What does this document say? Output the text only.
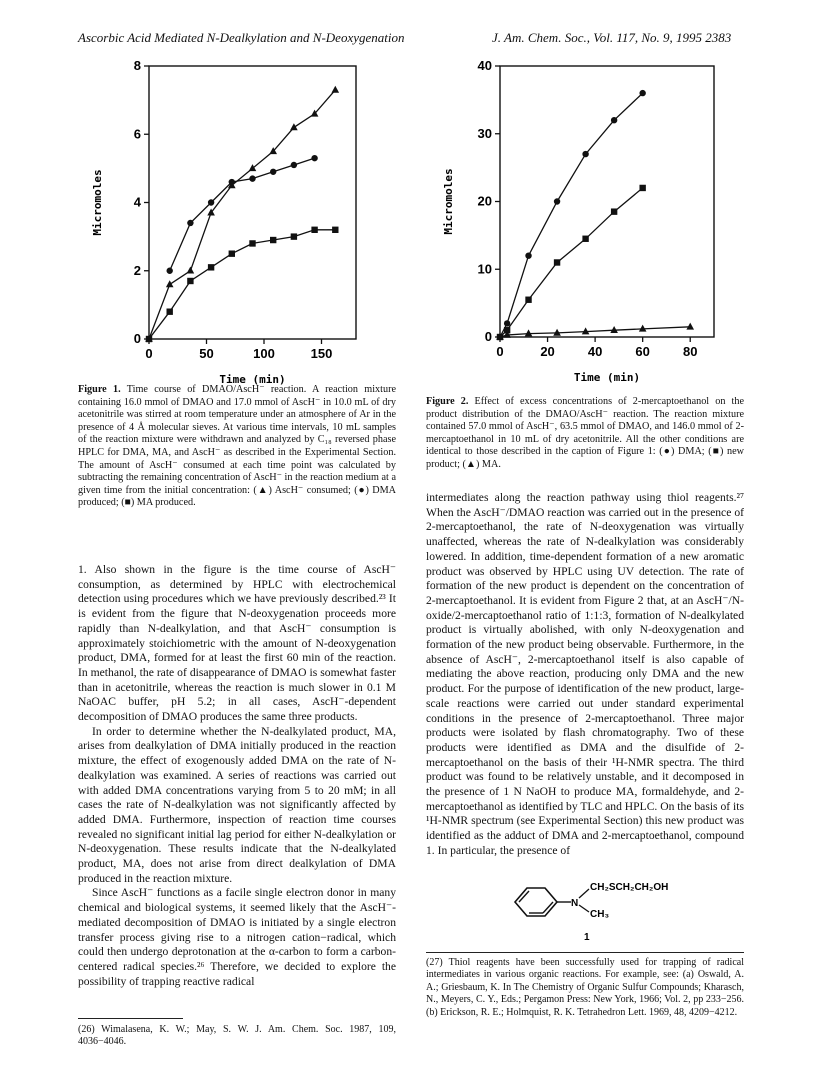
Ascorbic Acid Mediated N-Dealkylation and N-Deoxygenation	J. Am. Chem. Soc., Vol. 117, No. 9, 1995 2383
0	50	100	150
0
2
4
6
8
Time (min)
Micromoles
Figure 1. Time course of DMAO/AscH⁻ reaction. A reaction mixture containing 16.0 mmol of DMAO and 17.0 mmol of AscH⁻ in 10.0 mL of dry acetonitrile was stirred at room temperature under an atmosphere of Ar in the presence of 4 Å molecular sieves. At various time intervals, 10 mL samples of the reaction mixture were withdrawn and analyzed by C₁₈ reversed phase HPLC for DMA, MA, and AscH⁻ as described in the Experimental Section. The amount of AscH⁻ consumed at each time point was calculated by subtracting the remaining concentration of AscH⁻ in the reaction medium at a given time from the initial concentration: (▲) AscH⁻ consumed; (●) DMA produced; (■) MA produced.
0	20	40	60	80
0
10
20
30
40
Time (min)
Micromoles
Figure 2. Effect of excess concentrations of 2-mercaptoethanol on the product distribution of the DMAO/AscH⁻ reaction. The reaction mixture contained 57.0 mmol of AscH⁻, 63.5 mmol of DMAO, and 146.0 mmol of 2-mercaptoethanol in 10 mL of dry acetonitrile. All the other conditions are identical to those described in the caption of Figure 1: (●) DMA; (■) new product; (▲) MA.

1. Also shown in the figure is the time course of AscH⁻ consumption, as determined by HPLC with electrochemical detection using procedures which we have previously described.²³ It is evident from the figure that N-deoxygenation proceeds more rapidly than N-dealkylation, and that AscH⁻ consumption is approximately stoichiometric with the amount of N-deoxygenation product, DMA, formed for at least the first 60 min of the reaction. In methanol, the rate of disappearance of DMAO is somewhat faster than in acetonitrile, whereas the reaction is much slower in 0.1 M NaOAC buffer, pH 5.2; in all cases, AscH⁻-dependent decomposition of DMAO produces the same three products.

In order to determine whether the N-dealkylated product, MA, arises from dealkylation of DMA initially produced in the reaction mixture, the effect of exogenously added DMA on the rate of N-dealkylation was examined. A series of reactions was carried out with added DMA concentrations varying from 5 to 20 mM; in all cases the rate of N-dealkylation was not significantly affected by added DMA. Furthermore, inspection of reaction time courses revealed no significant initial lag period for either N-dealkylation or N-deoxygenation. These results indicate that the N-dealkylated product, MA, does not arise from direct dealkylation of DMA produced in the reaction mixture.

Since AscH⁻ functions as a facile single electron donor in many chemical and biological systems, it seemed likely that the AscH⁻-mediated decomposition of DMAO is initiated by a single electron transfer process giving rise to a nitrogen cation−radical, which could then undergo deprotonation at the α-carbon to form a carbon-centered radical species.²⁶ Therefore, we decided to explore the possibility of trapping reactive radical

(26) Wimalasena, K. W.; May, S. W. J. Am. Chem. Soc. 1987, 109, 4036−4046.

intermediates along the reaction pathway using thiol reagents.²⁷ When the AscH⁻/DMAO reaction was carried out in the presence of 2-mercaptoethanol, the rate of N-deoxygenation was virtually unaffected, whereas the rate of N-dealkylation was considerably lowered. In addition, time-dependent formation of a new aromatic product was observed by HPLC using UV detection. The rate of formation of the new product is dependent on the concentration of 2-mercaptoethanol. It is evident from Figure 2 that, at an AscH⁻/N-oxide/2-mercaptoethanol ratio of 1:1:3, formation of N-dealkylated product is virtually abolished, with only N-deoxygenation and formation of the new product being observable. Furthermore, in the absence of AscH⁻, 2-mercaptoethanol itself is also capable of mediating the above reaction, producing only DMA and the new product. For the purpose of identification of the new product, large-scale reactions were carried out under standard experimental conditions in the presence of 2-mercaptoethanol. Three major products were isolated by flash chromatography. Two of these products were identified as DMA and the disulfide of 2-mercaptoethanol on the basis of their ¹H-NMR spectra. The third product was found to be relatively unstable, and it decomposed in the presence of 1 N NaOH to produce MA, formaldehyde, and 2-mercaptoethanol as identified by TLC and HPLC. On the basis of its ¹H-NMR spectrum (see Experimental Section) this new product was identified as the adduct of DMA and 2-mercaptoethanol, compound 1. In particular, the presence of

N
CH₂SCH₂CH₂OH
CH₃
1
(27) Thiol reagents have been successfully used for trapping of radical intermediates in various organic reactions. For example, see: (a) Oswald, A. A.; Griesbaum, K. In The Chemistry of Organic Sulfur Compounds; Kharasch, N., Meyers, C. Y., Eds.; Pergamon Press: New York, 1966; Vol. 2, pp 233−256. (b) Erickson, R. E.; Holmquist, R. K. Tetrahedron Lett. 1969, 48, 4209−4212.
